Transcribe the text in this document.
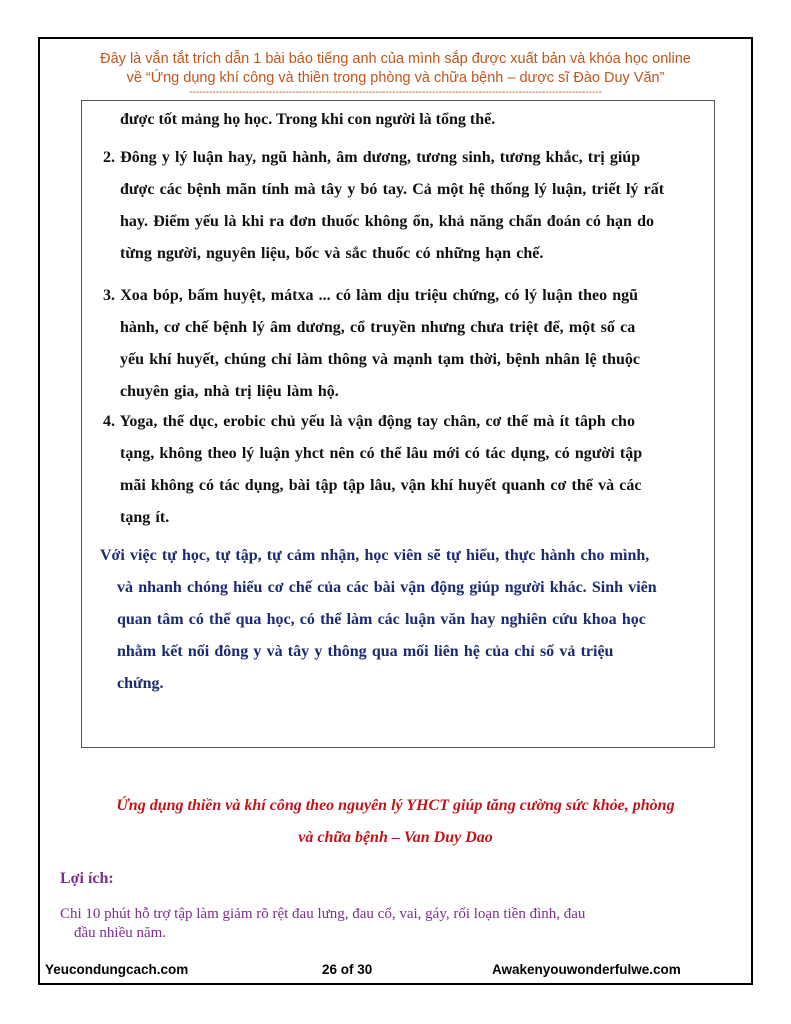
Đây là vắn tắt trích dẫn 1 bài báo tiếng anh của mình sắp được xuất bản và khóa học online
về “Ứng dụng khí công và thiền trong phòng và chữa bệnh – dược sĩ Đào Duy Văn”
----------------------------------------------------------------------------------------------------------------------------
được tốt mảng họ học. Trong khi con người là tổng thể.
2. Đông y lý luận hay, ngũ hành, âm dương, tương sinh, tương khắc, trị giúp
được các bệnh mãn tính mà tây y bó tay. Cả một hệ thống lý luận, triết lý rất
hay. Điểm yếu là khi ra đơn thuốc không ổn, khả năng chẩn đoán có hạn do
từng người, nguyên liệu, bốc và sắc thuốc có những hạn chế.
3. Xoa bóp, bấm huyệt, mátxa ... có làm dịu triệu chứng, có lý luận theo ngũ
hành, cơ chế bệnh lý âm dương, cổ truyền nhưng chưa triệt để, một số ca
yếu khí huyết, chúng chỉ làm thông và mạnh tạm thời, bệnh nhân lệ thuộc
chuyên gia, nhà trị liệu làm hộ.
4. Yoga, thể dục, erobic chủ yếu là vận động tay chân, cơ thể mà ít tâph cho
tạng, không theo lý luận yhct nên có thể lâu mới có tác dụng, có người tập
mãi không có tác dụng, bài tập tập lâu, vận khí huyết quanh cơ thể và các
tạng ít.
Với việc tự học, tự tập, tự cảm nhận, học viên sẽ tự hiểu, thực hành cho mình,
và nhanh chóng hiểu cơ chế của các bài vận động giúp người khác. Sinh viên
quan tâm có thể qua học, có thể làm các luận văn hay nghiên cứu khoa học
nhằm kết nối đông y và tây y thông qua mối liên hệ của chỉ số vả triệu
chứng.
Ứng dụng thiền và khí công theo nguyên lý YHCT giúp tăng cường sức khỏe, phòng
và chữa bệnh – Van Duy Dao
Lợi ích:
Chi 10 phút hỗ trợ tập làm giảm rõ rệt đau lưng, đau cổ, vai, gáy, rối loạn tiền đình, đau
đầu nhiều năm.
Yeucondungcach.com	26 of 30	Awakenyouwonderfulwe.com
